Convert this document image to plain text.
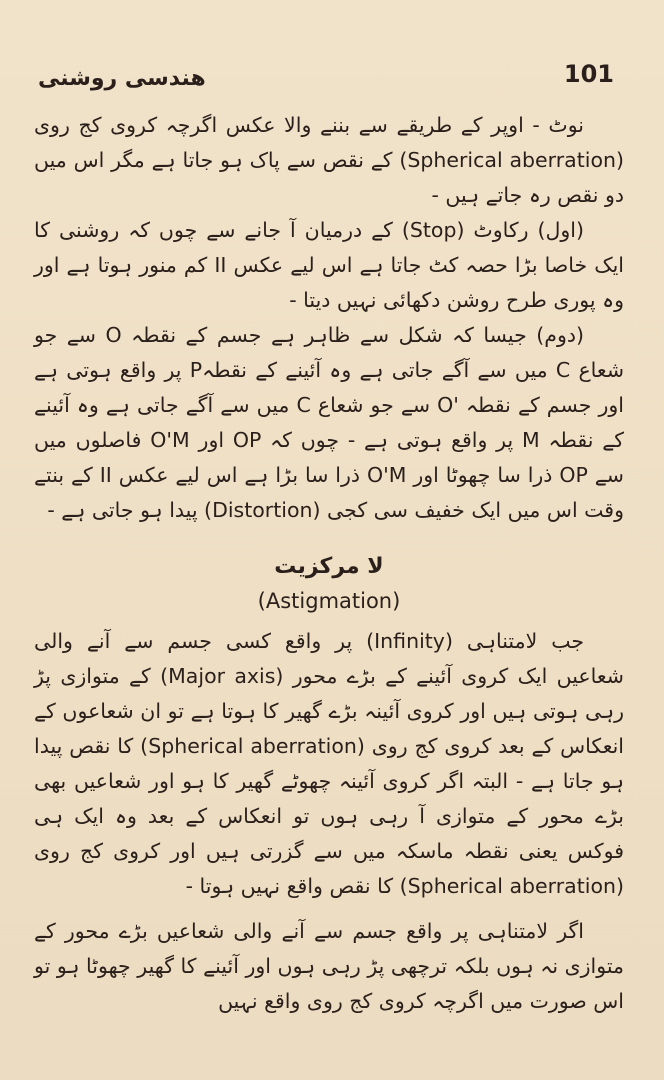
101
هندسی روشنی

نوٹ - اوپر کے طریقے سے بننے والا عکس اگرچہ کروی کج روی (Spherical aberration) کے نقص سے پاک ہو جاتا ہے مگر اس میں دو نقص رہ جاتے ہیں -

(اول) رکاوٹ (Stop) کے درمیان آ جانے سے چوں کہ روشنی کا ایک خاصا بڑا حصہ کٹ جاتا ہے اس لیے عکس II کم منور ہوتا ہے اور وہ پوری طرح روشن دکھائی نہیں دیتا -

(دوم) جیسا کہ شکل سے ظاہر ہے جسم کے نقطہ O سے جو شعاع C میں سے آگے جاتی ہے وہ آئینے کے نقطہP پر واقع ہوتی ہے اور جسم کے نقطہ 'O سے جو شعاع C میں سے آگے جاتی ہے وہ آئینے کے نقطہ M پر واقع ہوتی ہے - چوں کہ OP اور O'M فاصلوں میں سے OP ذرا سا چھوٹا اور O'M ذرا سا بڑا ہے اس لیے عکس II کے بنتے وقت اس میں ایک خفیف سی کجی (Distortion) پیدا ہو جاتی ہے -

لا مرکزیت
(Astigmation)

جب لامتناہی (Infinity) پر واقع کسی جسم سے آنے والی شعاعیں ایک کروی آئینے کے بڑے محور (Major axis) کے متوازی پڑ رہی ہوتی ہیں اور کروی آئینہ بڑے گھیر کا ہوتا ہے تو ان شعاعوں کے انعکاس کے بعد کروی کج روی (Spherical aberration) کا نقص پیدا ہو جاتا ہے - البتہ اگر کروی آئینہ چھوٹے گھیر کا ہو اور شعاعیں بھی بڑے محور کے متوازی آ رہی ہوں تو انعکاس کے بعد وہ ایک ہی فوکس یعنی نقطہ ماسکہ میں سے گزرتی ہیں اور کروی کج روی (Spherical aberration) کا نقص واقع نہیں ہوتا -

اگر لامتناہی پر واقع جسم سے آنے والی شعاعیں بڑے محور کے متوازی نہ ہوں بلکہ ترچھی پڑ رہی ہوں اور آئینے کا گھیر چھوٹا ہو تو اس صورت میں اگرچہ کروی کج روی واقع نہیں
